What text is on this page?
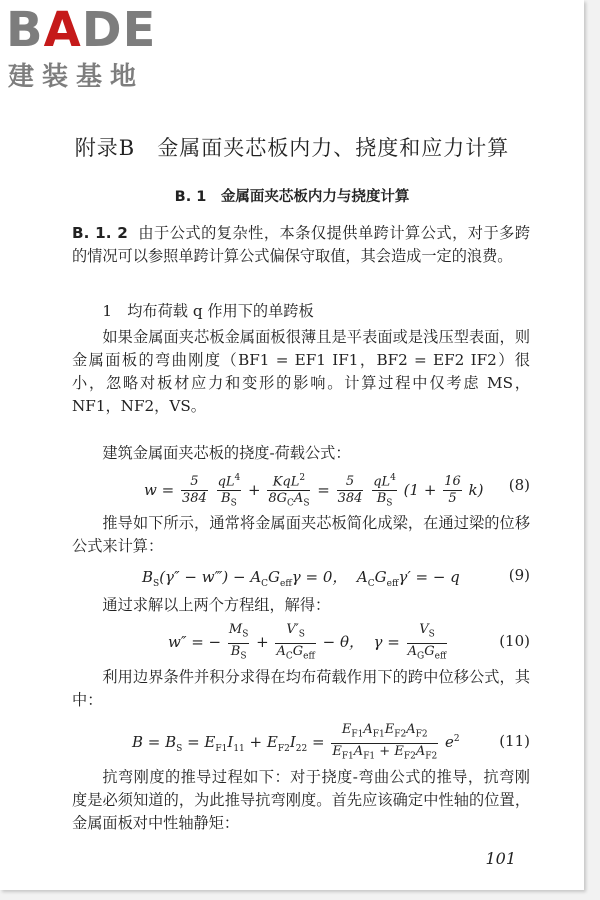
BADE
建装基地
附录B　金属面夹芯板内力、挠度和应力计算
B. 1　金属面夹芯板内力与挠度计算

B. 1. 2 由于公式的复杂性，本条仅提供单跨计算公式，对于多跨的情况可以参照单跨计算公式偏保守取值，其会造成一定的浪费。

1　均布荷载 q 作用下的单跨板

如果金属面夹芯板金属面板很薄且是平表面或是浅压型表面，则金属面板的弯曲刚度（BF1 = EF1 IF1，BF2 = EF2 IF2）很小，忽略对板材应力和变形的影响。计算过程中仅考虑 MS，NF1，NF2，VS。

建筑金属面夹芯板的挠度-荷载公式：

$w = \frac{5}{384}$
$\frac{qL^4}{B_S} + \frac{KqL^2}{8G_CA_S} = \frac{5}{384}$
$\frac{qL^4}{B_S} (1 + \frac{16}{5} k)$ (8)

推导如下所示，通常将金属面夹芯板简化成梁，在通过梁的位移公式来计算：

$B_S(\gamma''$ − w‴) − $A_CG_{eff}\gamma = 0$，  $A_CG_{eff}\gamma'$ = − q	(9)

通过求解以上两个方程组，解得：

w″ = − $\frac{M_S}{B_S} + \frac{V'_S}{A_CG_{eff}} - \theta$，  $\gamma = \frac{V_S}{A_GG_{eff}}$	(10)

利用边界条件并积分求得在均布荷载作用下的跨中位移公式，其中：

$B = B_S = E_{F1}I_{11} + E_{F2}I_{22} = \frac{E_{F1}A_{F1}E_{F2}A_{F2}}{E_{F1}A_{F1} + E_{F2}A_{F2}} e^2$	(11)

抗弯刚度的推导过程如下：对于挠度-弯曲公式的推导，抗弯刚度是必须知道的，为此推导抗弯刚度。首先应该确定中性轴的位置，金属面板对中性轴静矩：

101
